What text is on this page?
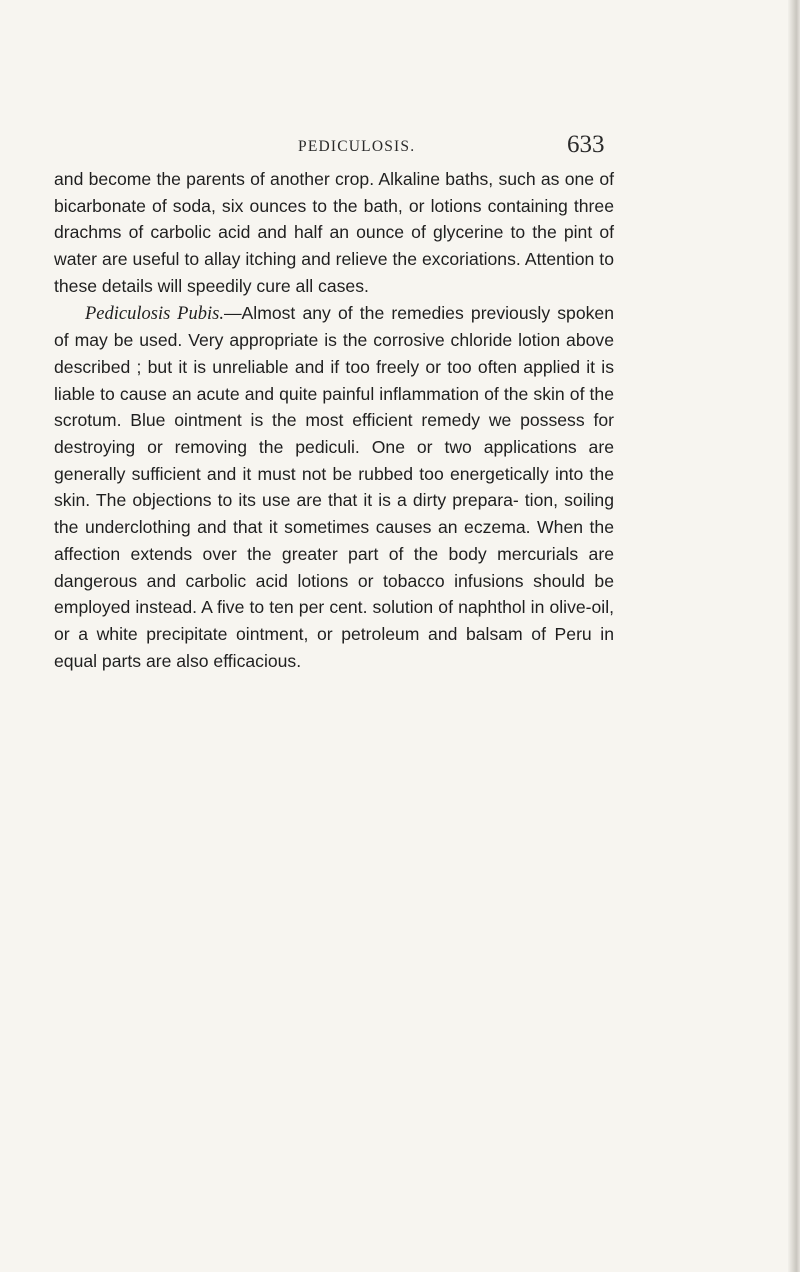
PEDICULOSIS.	633

and become the parents of another crop. Alkaline baths, such as one of bicarbonate of soda, six ounces to the bath, or lotions containing three drachms of carbolic acid and half an ounce of glycerine to the pint of water are useful to allay itching and relieve the excoriations. Attention to these details will speedily cure all cases.

Pediculosis Pubis.—Almost any of the remedies previously spoken of may be used. Very appropriate is the corrosive chloride lotion above described ; but it is unreliable and if too freely or too often applied it is liable to cause an acute and quite painful inflammation of the skin of the scrotum. Blue ointment is the most efficient remedy we possess for destroying or removing the pediculi. One or two applications are generally sufficient and it must not be rubbed too energetically into the skin. The objections to its use are that it is a dirty prepara- tion, soiling the underclothing and that it sometimes causes an eczema. When the affection extends over the greater part of the body mercurials are dangerous and carbolic acid lotions or tobacco infusions should be employed instead. A five to ten per cent. solution of naphthol in olive-oil, or a white precipitate ointment, or petroleum and balsam of Peru in equal parts are also efficacious.
